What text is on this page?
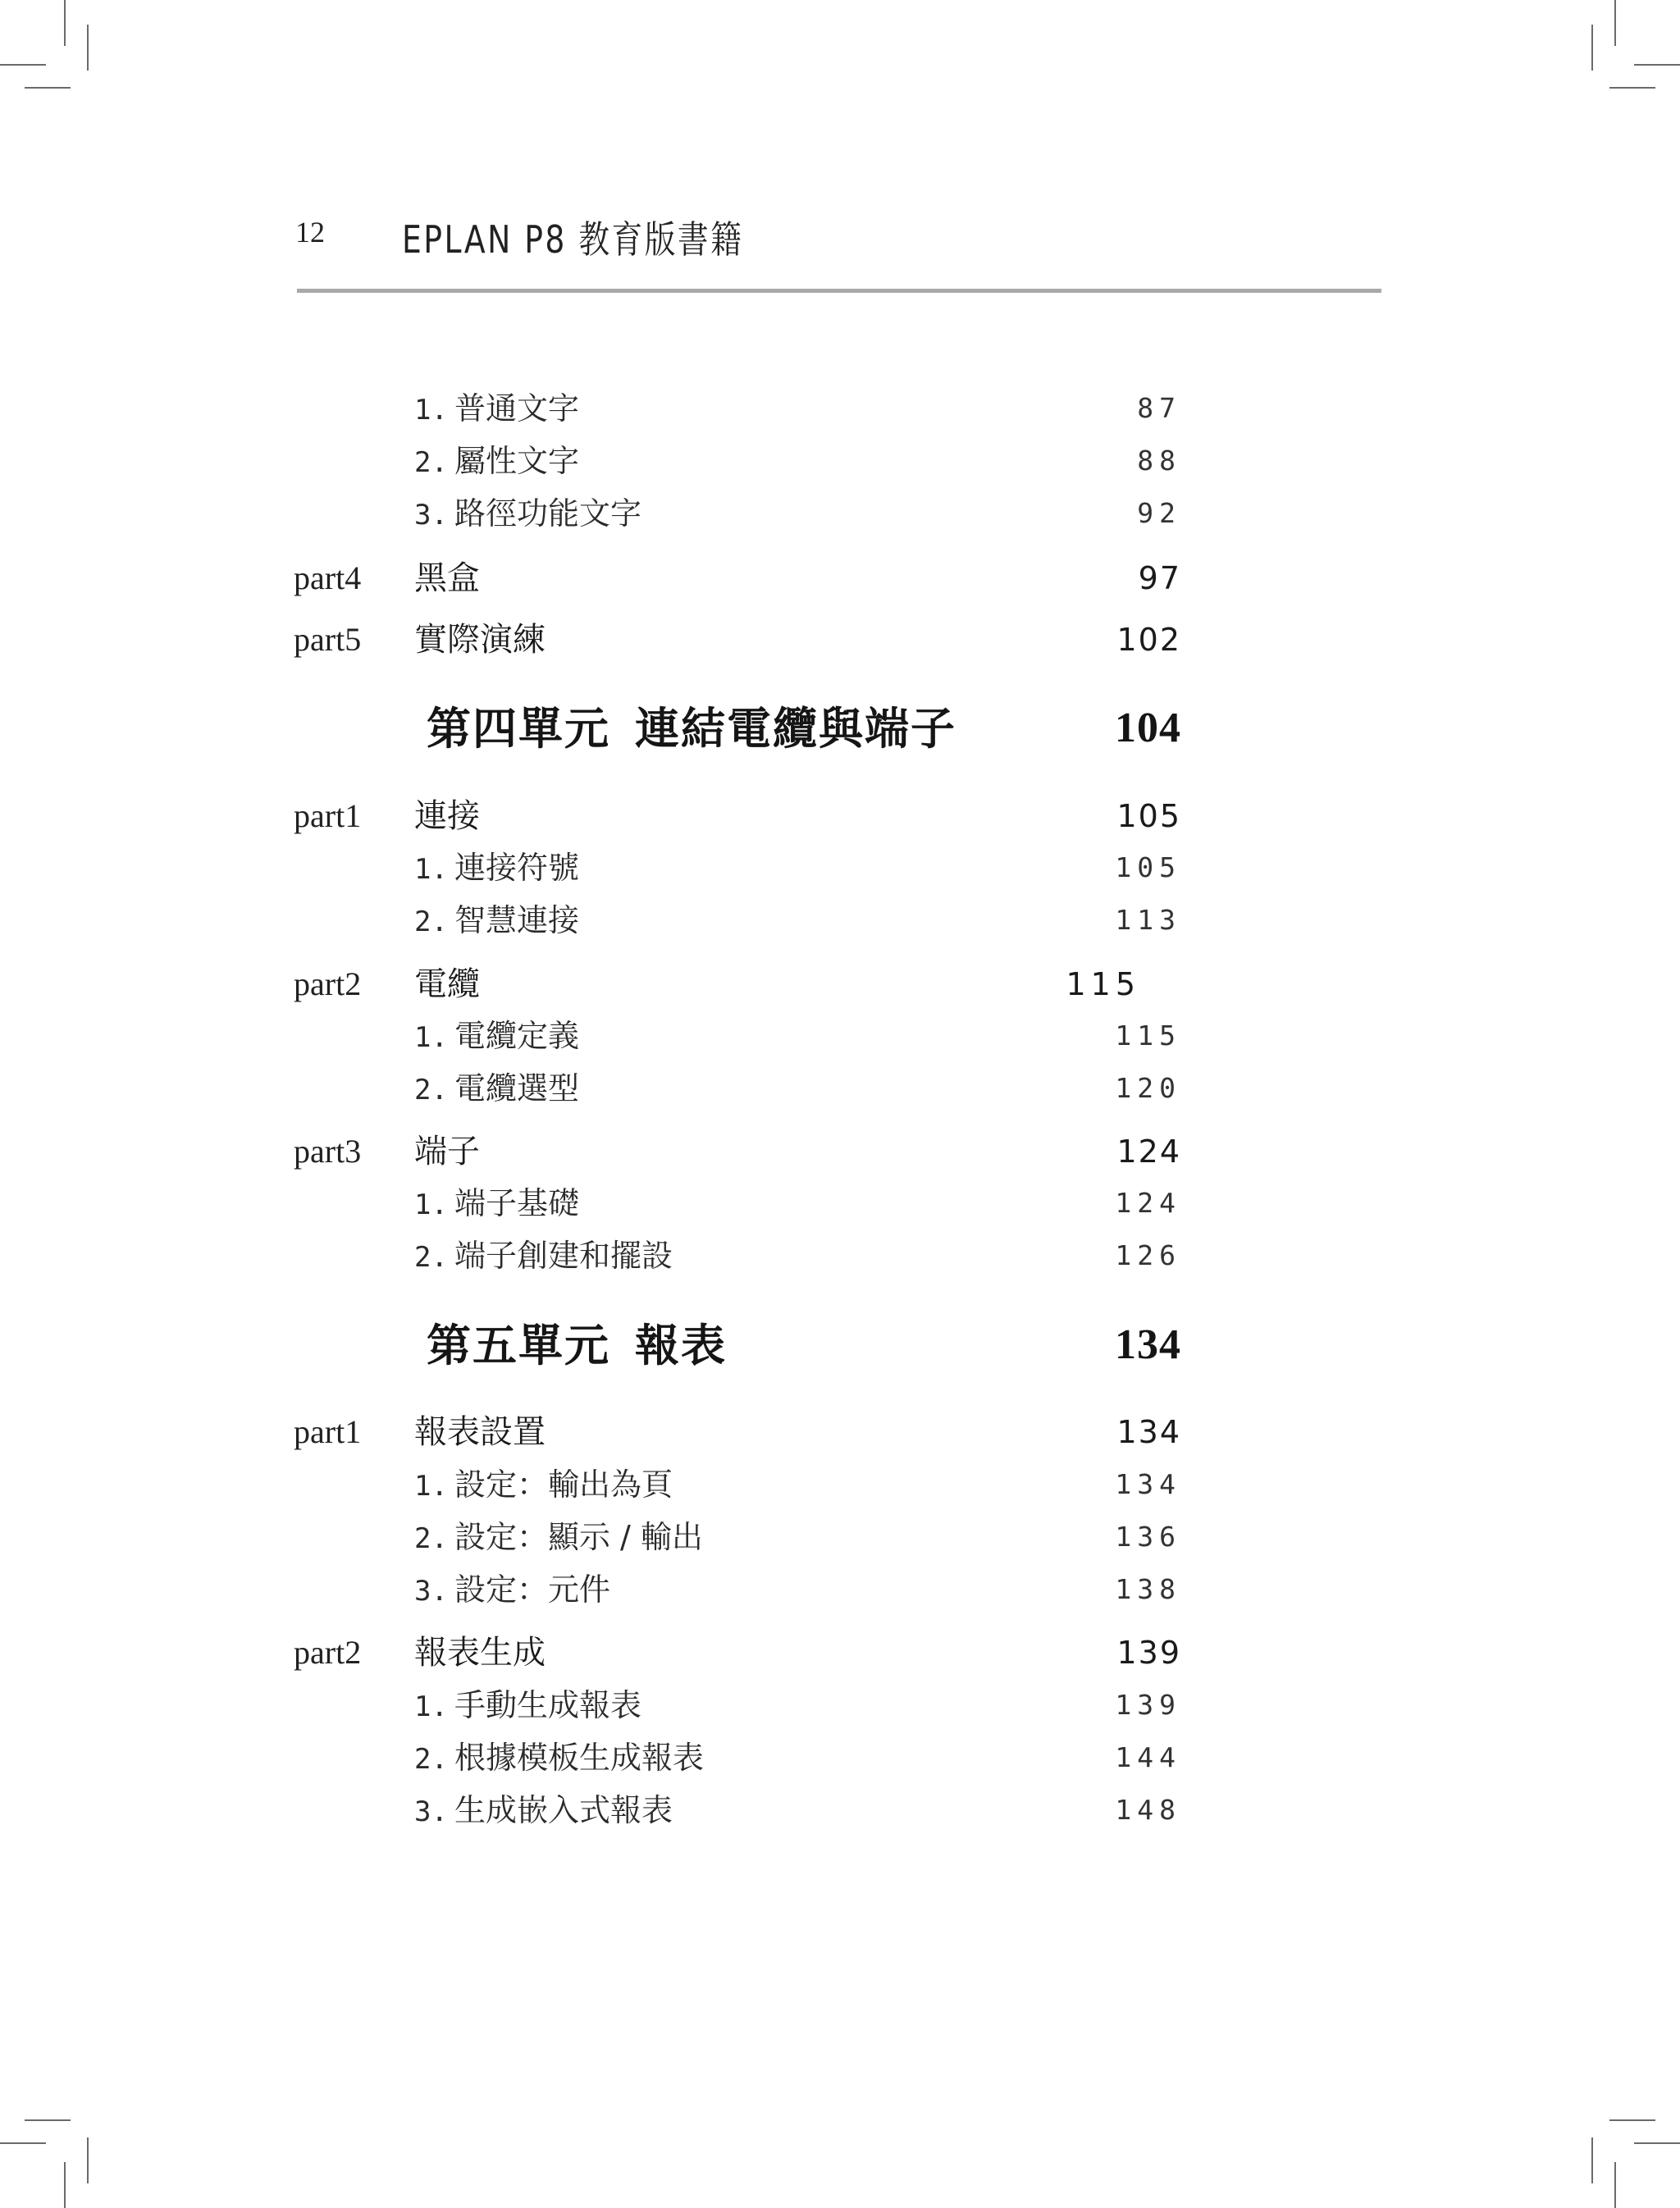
12 EPLAN P8 教育版書籍
1. 普通文字	87
2. 屬性文字	88
3. 路徑功能文字	92
part4 黑盒	97
part5 實際演練	102
第四單元 連結電纜與端子	104
part1 連接	105
1. 連接符號	105
2. 智慧連接	113
part2 電纜	115
1. 電纜定義	115
2. 電纜選型	120
part3 端子	124
1. 端子基礎	124
2. 端子創建和擺設	126
第五單元 報表	134
part1 報表設置	134
1. 設定：輸出為頁	134
2. 設定：顯示 / 輸出	136
3. 設定：元件	138
part2 報表生成	139
1. 手動生成報表	139
2. 根據模板生成報表	144
3. 生成嵌入式報表	148
